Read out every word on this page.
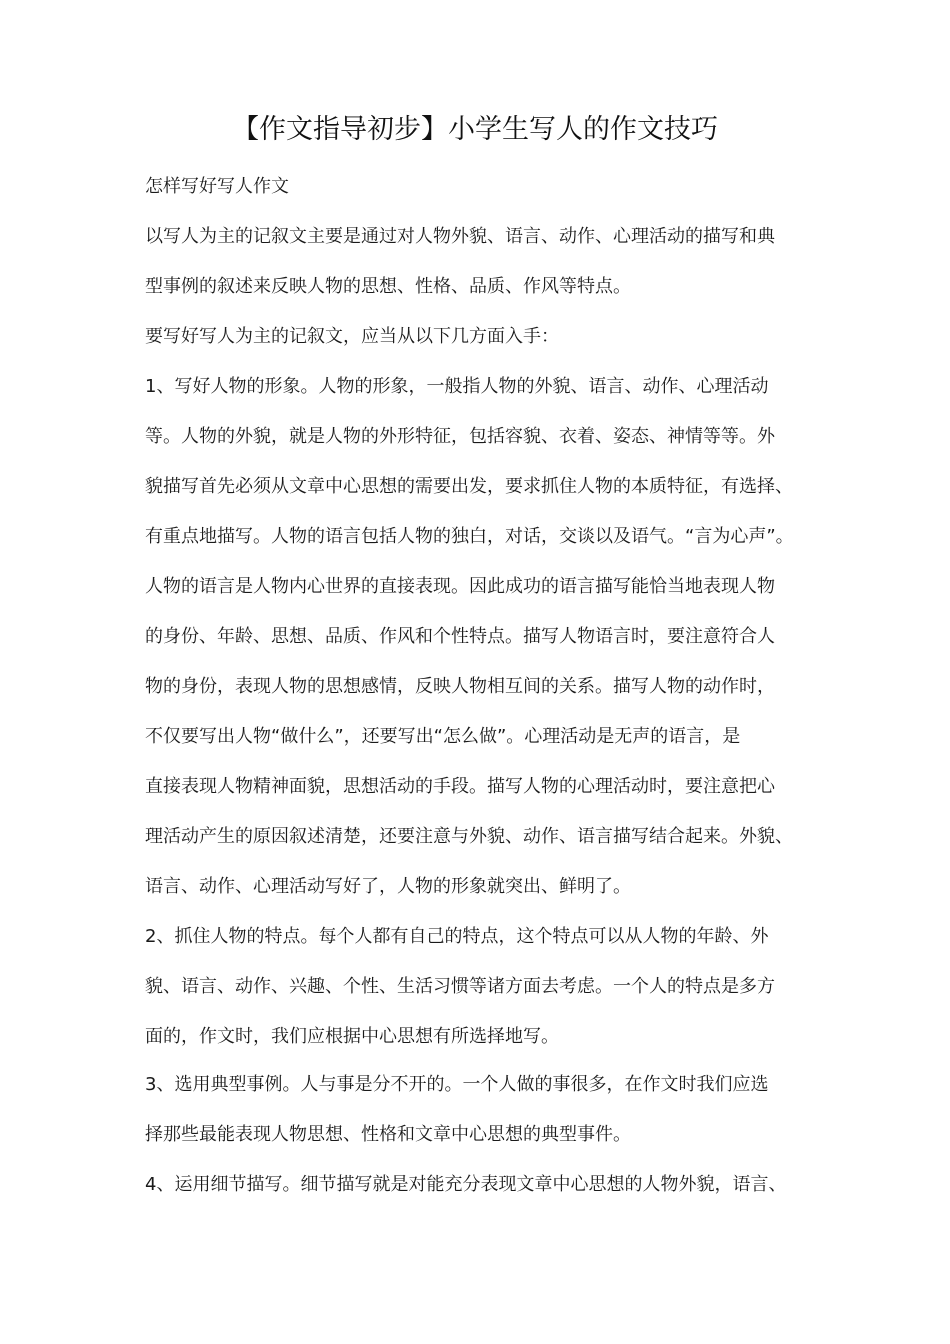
【作文指导初步】小学生写人的作文技巧
怎样写好写人作文
以写人为主的记叙文主要是通过对人物外貌、语言、动作、心理活动的描写和典
型事例的叙述来反映人物的思想、性格、品质、作风等特点。
要写好写人为主的记叙文，应当从以下几方面入手：
1、写好人物的形象。人物的形象，一般指人物的外貌、语言、动作、心理活动
等。人物的外貌，就是人物的外形特征，包括容貌、衣着、姿态、神情等等。外
貌描写首先必须从文章中心思想的需要出发，要求抓住人物的本质特征，有选择、
有重点地描写。人物的语言包括人物的独白，对话，交谈以及语气。“言为心声”。
人物的语言是人物内心世界的直接表现。因此成功的语言描写能恰当地表现人物
的身份、年龄、思想、品质、作风和个性特点。描写人物语言时，要注意符合人
物的身份，表现人物的思想感情，反映人物相互间的关系。描写人物的动作时，
不仅要写出人物“做什么”，还要写出“怎么做”。心理活动是无声的语言，是
直接表现人物精神面貌，思想活动的手段。描写人物的心理活动时，要注意把心
理活动产生的原因叙述清楚，还要注意与外貌、动作、语言描写结合起来。外貌、
语言、动作、心理活动写好了，人物的形象就突出、鲜明了。
2、抓住人物的特点。每个人都有自己的特点，这个特点可以从人物的年龄、外
貌、语言、动作、兴趣、个性、生活习惯等诸方面去考虑。一个人的特点是多方
面的，作文时，我们应根据中心思想有所选择地写。
3、选用典型事例。人与事是分不开的。一个人做的事很多，在作文时我们应选
择那些最能表现人物思想、性格和文章中心思想的典型事件。
4、运用细节描写。细节描写就是对能充分表现文章中心思想的人物外貌，语言、
